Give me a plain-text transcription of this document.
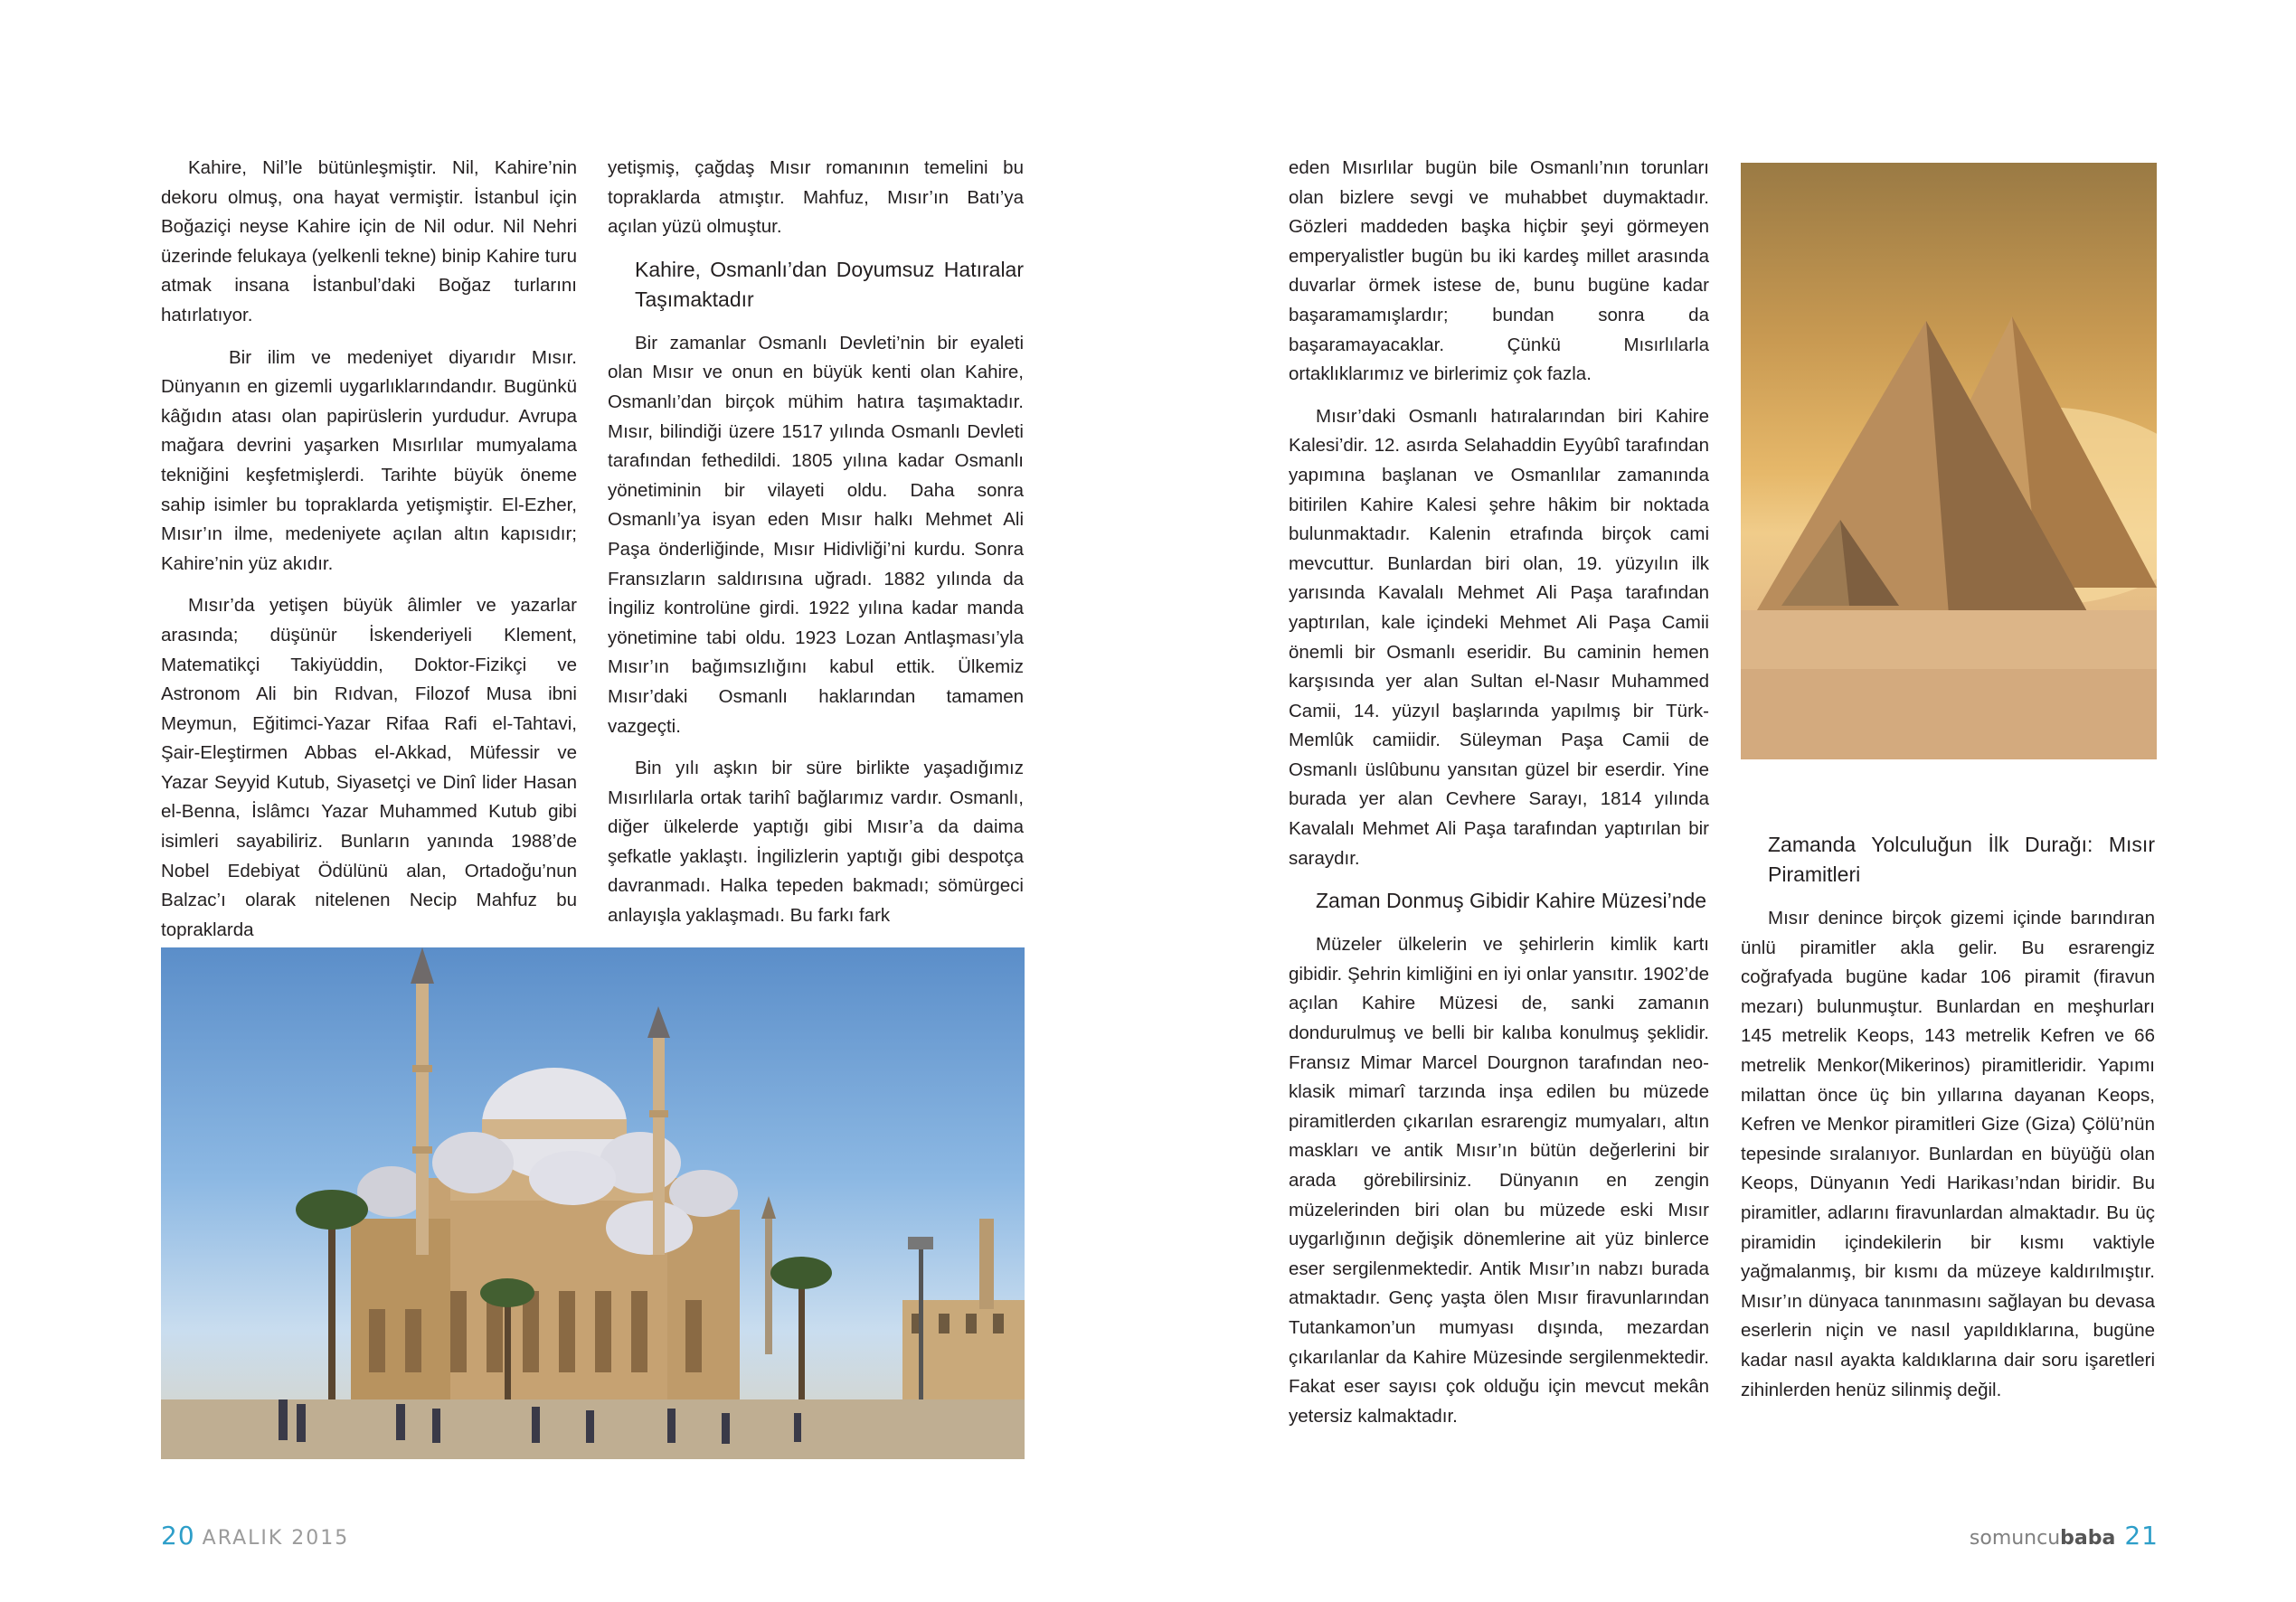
Kahire, Nil’le bütünleşmiştir. Nil, Kahire’nin dekoru olmuş, ona hayat vermiştir. İstanbul için Boğaziçi neyse Kahire için de Nil odur. Nil Nehri üzerinde felukaya (yelkenli tekne) binip Kahire turu atmak insana İstanbul’daki Boğaz turlarını hatırlatıyor.

Bir ilim ve medeniyet diyarıdır Mısır. Dünyanın en gizemli uygarlıklarındandır. Bugünkü kâğıdın atası olan papirüslerin yurdudur. Avrupa mağara devrini yaşarken Mısırlılar mumyalama tekniğini keşfetmişlerdi. Tarihte büyük öneme sahip isimler bu topraklarda yetişmiştir. El-Ezher, Mısır’ın ilme, medeniyete açılan altın kapısıdır; Kahire’nin yüz akıdır.

Mısır’da yetişen büyük âlimler ve yazarlar arasında; düşünür İskenderiyeli Klement, Matematikçi Takiyüddin, Doktor-Fizikçi ve Astronom Ali bin Rıdvan, Filozof Musa ibni Meymun, Eğitimci-Yazar Rifaa Rafi el-Tahtavi, Şair-Eleştirmen Abbas el-Akkad, Müfessir ve Yazar Seyyid Kutub, Siyasetçi ve Dinî lider Hasan el-Benna, İslâmcı Yazar Muhammed Kutub gibi isimleri sayabiliriz. Bunların yanında 1988’de Nobel Edebiyat Ödülünü alan, Ortadoğu’nun Balzac’ı olarak nitelenen Necip Mahfuz bu topraklarda

yetişmiş, çağdaş Mısır romanının temelini bu topraklarda atmıştır. Mahfuz, Mısır’ın Batı’ya açılan yüzü olmuştur.

Kahire, Osmanlı’dan Doyumsuz Hatıralar Taşımaktadır

Bir zamanlar Osmanlı Devleti’nin bir eyaleti olan Mısır ve onun en büyük kenti olan Kahire, Osmanlı’dan birçok mühim hatıra taşımaktadır. Mısır, bilindiği üzere 1517 yılında Osmanlı Devleti tarafından fethedildi. 1805 yılına kadar Osmanlı yönetiminin bir vilayeti oldu. Daha sonra Osmanlı’ya isyan eden Mısır halkı Mehmet Ali Paşa önderliğinde, Mısır Hidivliği’ni kurdu. Sonra Fransızların saldırısına uğradı. 1882 yılında da İngiliz kontrolüne girdi. 1922 yılına kadar manda yönetimine tabi oldu. 1923 Lozan Antlaşması’yla Mısır’ın bağımsızlığını kabul ettik. Ülkemiz Mısır’daki Osmanlı haklarından tamamen vazgeçti.

Bin yılı aşkın bir süre birlikte yaşadığımız Mısırlılarla ortak tarihî bağlarımız vardır. Osmanlı, diğer ülkelerde yaptığı gibi Mısır’a da daima şefkatle yaklaştı. İngilizlerin yaptığı gibi despotça davranmadı. Halka tepeden bakmadı; sömürgeci anlayışla yaklaşmadı. Bu farkı fark

eden Mısırlılar bugün bile Osmanlı’nın torunları olan bizlere sevgi ve muhabbet duymaktadır. Gözleri maddeden başka hiçbir şeyi görmeyen emperyalistler bugün bu iki kardeş millet arasında duvarlar örmek istese de, bunu bugüne kadar başaramamışlardır; bundan sonra da başaramayacaklar. Çünkü Mısırlılarla ortaklıklarımız ve birlerimiz çok fazla.

Mısır’daki Osmanlı hatıralarından biri Kahire Kalesi’dir. 12. asırda Selahaddin Eyyûbî tarafından yapımına başlanan ve Osmanlılar zamanında bitirilen Kahire Kalesi şehre hâkim bir noktada bulunmaktadır. Kalenin etrafında birçok cami mevcuttur. Bunlardan biri olan, 19. yüzyılın ilk yarısında Kavalalı Mehmet Ali Paşa tarafından yaptırılan, kale içindeki Mehmet Ali Paşa Camii önemli bir Osmanlı eseridir. Bu caminin hemen karşısında yer alan Sultan el-Nasır Muhammed Camii, 14. yüzyıl başlarında yapılmış bir Türk-Memlûk camiidir. Süleyman Paşa Camii de Osmanlı üslûbunu yansıtan güzel bir eserdir. Yine burada yer alan Cevhere Sarayı, 1814 yılında Kavalalı Mehmet Ali Paşa tarafından yaptırılan bir saraydır.

Zaman Donmuş Gibidir Kahire Müzesi’nde

Müzeler ülkelerin ve şehirlerin kimlik kartı gibidir. Şehrin kimliğini en iyi onlar yansıtır. 1902’de açılan Kahire Müzesi de, sanki zamanın dondurulmuş ve belli bir kalıba konulmuş şeklidir. Fransız Mimar Marcel Dourgnon tarafından neo-klasik mimarî tarzında inşa edilen bu müzede piramitlerden çıkarılan esrarengiz mumyaları, altın maskları ve antik Mısır’ın bütün değerlerini bir arada görebilirsiniz. Dünyanın en zengin müzelerinden biri olan bu müzede eski Mısır uygarlığının değişik dönemlerine ait yüz binlerce eser sergilenmektedir. Antik Mısır’ın nabzı burada atmaktadır. Genç yaşta ölen Mısır firavunlarından Tutankamon’un mumyası dışında, mezardan çıkarılanlar da Kahire Müzesinde sergilenmektedir. Fakat eser sayısı çok olduğu için mevcut mekân yetersiz kalmaktadır.

Zamanda Yolculuğun İlk Durağı: Mısır Piramitleri

Mısır denince birçok gizemi içinde barındıran ünlü piramitler akla gelir. Bu esrarengiz coğrafyada bugüne kadar 106 piramit (firavun mezarı) bulunmuştur. Bunlardan en meşhurları 145 metrelik Keops, 143 metrelik Kefren ve 66 metrelik Menkor(Mikerinos) piramitleridir. Yapımı milattan önce üç bin yıllarına dayanan Keops, Kefren ve Menkor piramitleri Gize (Giza) Çölü’nün tepesinde sıralanıyor. Bunlardan en büyüğü olan Keops, Dünyanın Yedi Harikası’ndan biridir. Bu piramitler, adlarını firavunlardan almaktadır. Bu üç piramidin içindekilerin bir kısmı vaktiyle yağmalanmış, bir kısmı da müzeye kaldırılmıştır. Mısır’ın dünyaca tanınmasını sağlayan bu devasa eserlerin niçin ve nasıl yapıldıklarına, bugüne kadar nasıl ayakta kaldıklarına dair soru işaretleri zihinlerden henüz silinmiş değil.

20 ARALIK 2015	somuncubaba 21
